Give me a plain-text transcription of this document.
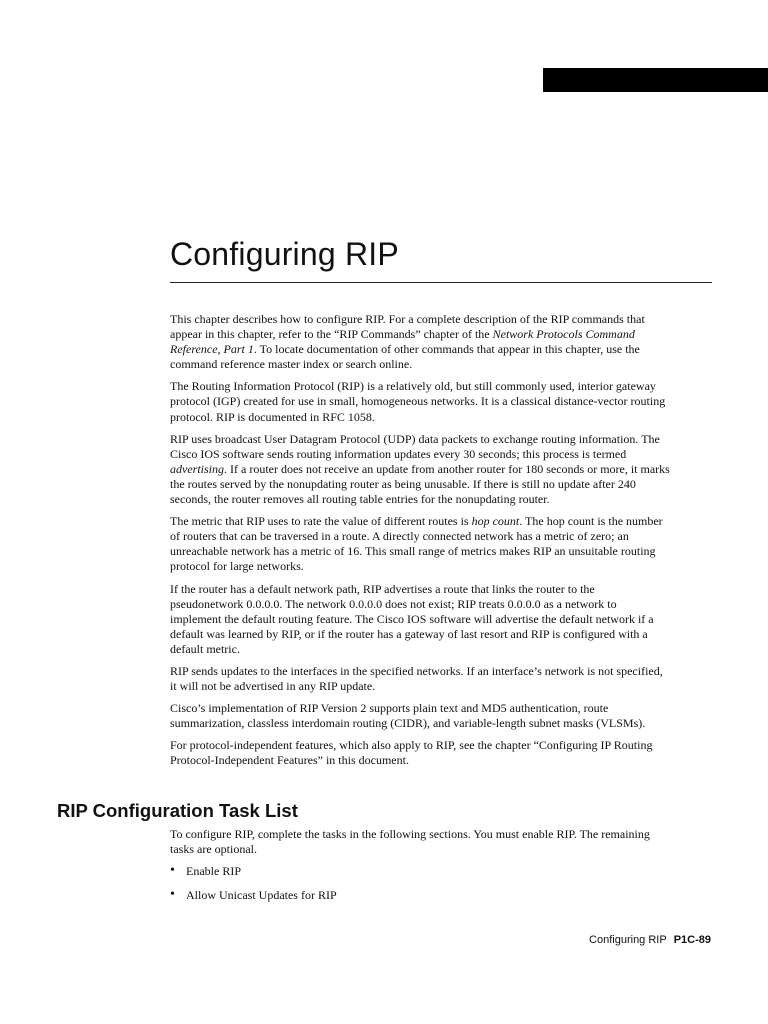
Configuring RIP

This chapter describes how to configure RIP. For a complete description of the RIP commands that appear in this chapter, refer to the “RIP Commands” chapter of the Network Protocols Command Reference, Part 1. To locate documentation of other commands that appear in this chapter, use the command reference master index or search online.

The Routing Information Protocol (RIP) is a relatively old, but still commonly used, interior gateway protocol (IGP) created for use in small, homogeneous networks. It is a classical distance-vector routing protocol. RIP is documented in RFC 1058.

RIP uses broadcast User Datagram Protocol (UDP) data packets to exchange routing information. The Cisco IOS software sends routing information updates every 30 seconds; this process is termed advertising. If a router does not receive an update from another router for 180 seconds or more, it marks the routes served by the nonupdating router as being unusable. If there is still no update after 240 seconds, the router removes all routing table entries for the nonupdating router.

The metric that RIP uses to rate the value of different routes is hop count. The hop count is the number of routers that can be traversed in a route. A directly connected network has a metric of zero; an unreachable network has a metric of 16. This small range of metrics makes RIP an unsuitable routing protocol for large networks.

If the router has a default network path, RIP advertises a route that links the router to the pseudonetwork 0.0.0.0. The network 0.0.0.0 does not exist; RIP treats 0.0.0.0 as a network to implement the default routing feature. The Cisco IOS software will advertise the default network if a default was learned by RIP, or if the router has a gateway of last resort and RIP is configured with a default metric.

RIP sends updates to the interfaces in the specified networks. If an interface’s network is not specified, it will not be advertised in any RIP update.

Cisco’s implementation of RIP Version 2 supports plain text and MD5 authentication, route summarization, classless interdomain routing (CIDR), and variable-length subnet masks (VLSMs).

For protocol-independent features, which also apply to RIP, see the chapter “Configuring IP Routing Protocol-Independent Features” in this document.

RIP Configuration Task List

To configure RIP, complete the tasks in the following sections. You must enable RIP. The remaining tasks are optional.

• Enable RIP
• Allow Unicast Updates for RIP
Configuring RIP P1C-89
